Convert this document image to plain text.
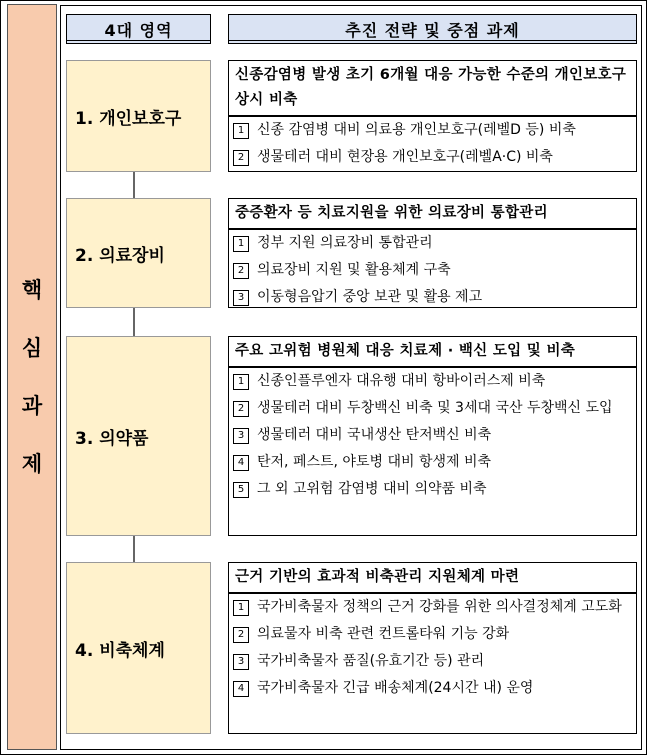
핵
심
과
제
4대 영역	추진 전략 및 중점 과제
1. 개인보호구
신종감염병 발생 초기 6개월 대응 가능한 수준의 개인보호구 상시 비축
1 신종 감염병 대비 의료용 개인보호구(레벨D 등) 비축
2 생물테러 대비 현장용 개인보호구(레벨A·C) 비축
2. 의료장비
중증환자 등 치료지원을 위한 의료장비 통합관리
1 정부 지원 의료장비 통합관리
2 의료장비 지원 및 활용체계 구축
3 이동형음압기 중앙 보관 및 활용 제고
3. 의약품
주요 고위험 병원체 대응 치료제 · 백신 도입 및 비축
1 신종인플루엔자 대유행 대비 항바이러스제 비축
2 생물테러 대비 두창백신 비축 및 3세대 국산 두창백신 도입
3 생물테러 대비 국내생산 탄저백신 비축
4 탄저, 페스트, 야토병 대비 항생제 비축
5 그 외 고위험 감염병 대비 의약품 비축
4. 비축체계
근거 기반의 효과적 비축관리 지원체계 마련
1 국가비축물자 정책의 근거 강화를 위한 의사결정체계 고도화
2 의료물자 비축 관련 컨트롤타워 기능 강화
3 국가비축물자 품질(유효기간 등) 관리
4 국가비축물자 긴급 배송체계(24시간 내) 운영
